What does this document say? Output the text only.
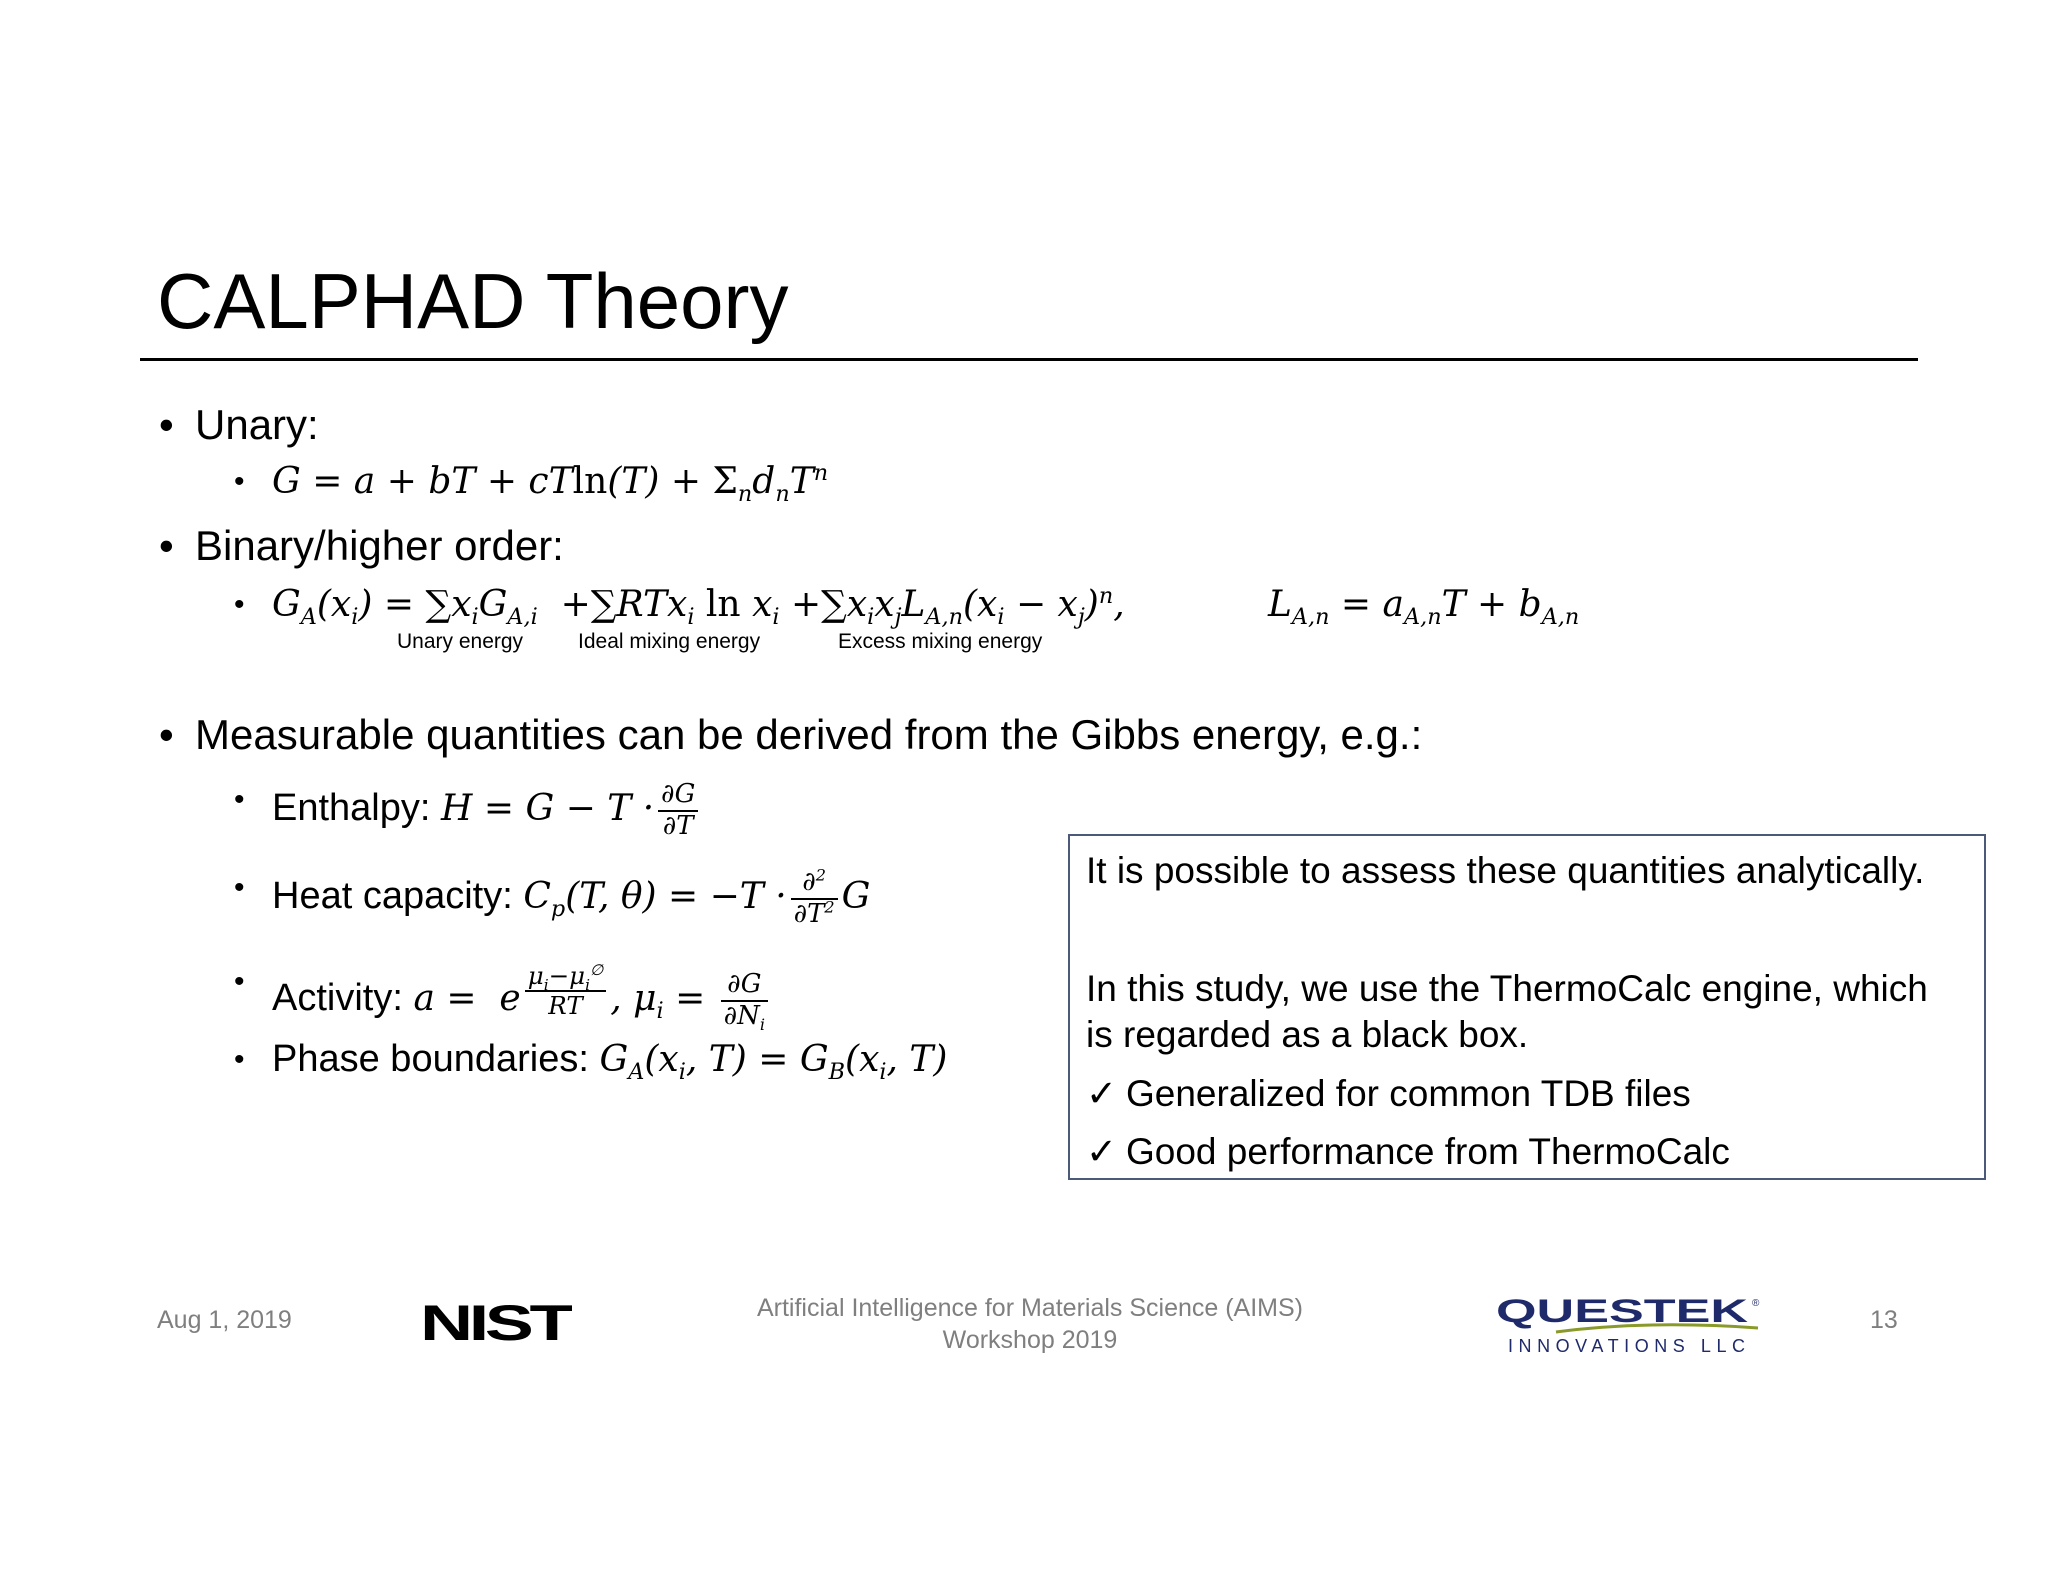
CALPHAD Theory
• Unary:
• G = a + bT + $cTln(T) + \Sigma_nd_nT^n$
• Binary/higher order:
• $G_A(x_i) = \sum x_iG_{A,i} +\sum RTx_i$ $\ln x_i +\sum x_ix_jL_{A,n}(x_i - x_j)^n$,	$L_{A,n} = a_{A,n}T + b_{A,n}$
Unary energy	Ideal mixing energy	Excess mixing energy
• Measurable quantities can be derived from the Gibbs energy, e.g.:
• Enthalpy: $H = G - T \cdot \frac{\partial G}{\partial T}$
• Heat capacity: $C_p(T$, $\theta) = -T \cdot \frac{\partial^2}{\partial T^2}$ G
• Activity: a =  e $^{\frac{\mu_i-\mu_i^\emptyset}{RT}}$ , $\mu_i = \frac{\partial G}{\partial N_i}$
• Phase boundaries: $G_A(x_i$, $T) = G_B(x_i$, T)
It is possible to assess these quantities analytically.
In this study, we use the ThermoCalc engine, which
is regarded as a black box.
✓ Generalized for common TDB files
✓ Good performance from ThermoCalc
Aug 1, 2019	NIST	Artificial Intelligence for Materials Science (AIMS)
Workshop 2019
QUESTEK ®
INNOVATIONS LLC
13
